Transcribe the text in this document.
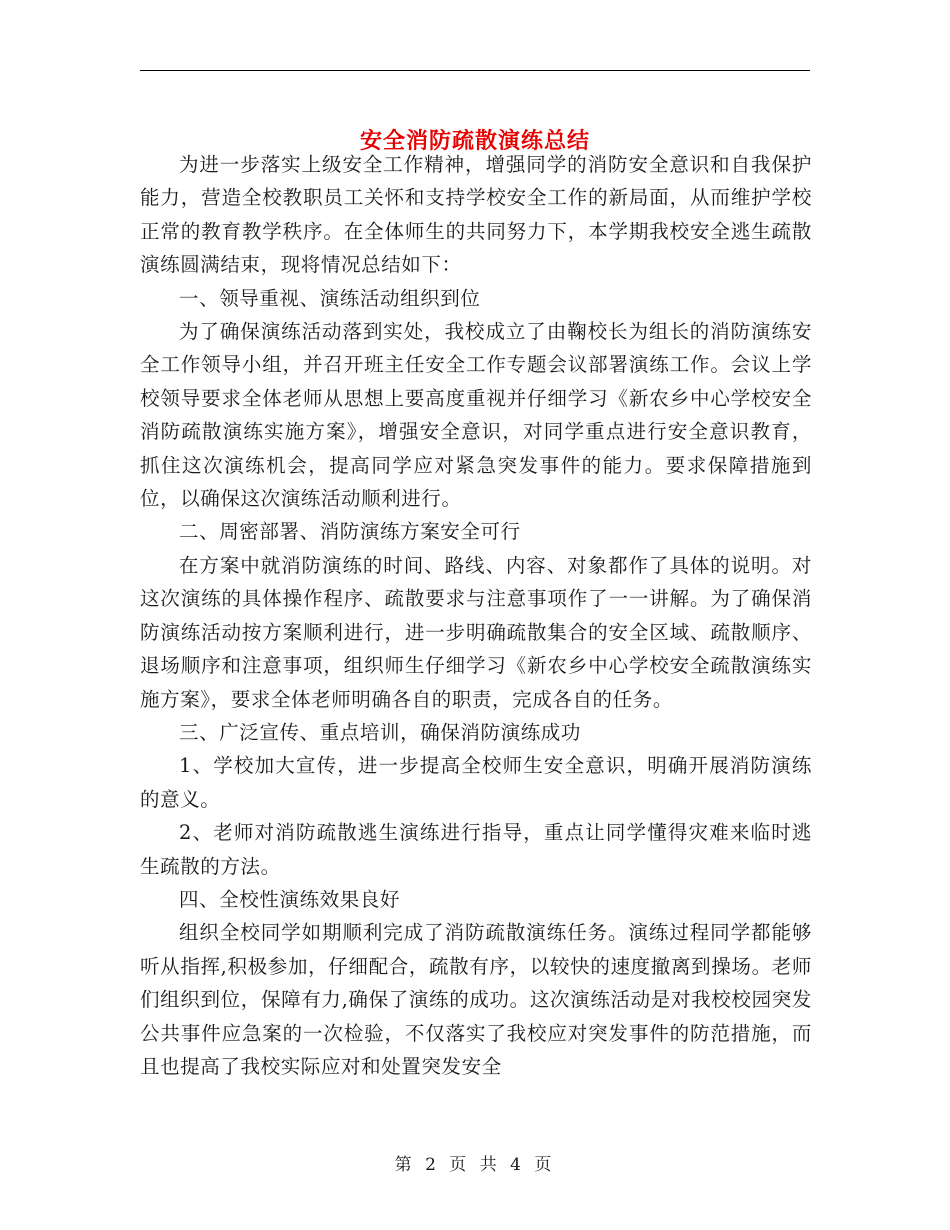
安全消防疏散演练总结

为进一步落实上级安全工作精神，增强同学的消防安全意识和自我保护能力，营造全校教职员工关怀和支持学校安全工作的新局面，从而维护学校正常的教育教学秩序。在全体师生的共同努力下，本学期我校安全逃生疏散演练圆满结束，现将情况总结如下：

一、领导重视、演练活动组织到位

为了确保演练活动落到实处，我校成立了由鞠校长为组长的消防演练安全工作领导小组，并召开班主任安全工作专题会议部署演练工作。会议上学校领导要求全体老师从思想上要高度重视并仔细学习《新农乡中心学校安全消防疏散演练实施方案》，增强安全意识，对同学重点进行安全意识教育，抓住这次演练机会，提高同学应对紧急突发事件的能力。要求保障措施到位，以确保这次演练活动顺利进行。

二、周密部署、消防演练方案安全可行

在方案中就消防演练的时间、路线、内容、对象都作了具体的说明。对这次演练的具体操作程序、疏散要求与注意事项作了一一讲解。为了确保消防演练活动按方案顺利进行，进一步明确疏散集合的安全区域、疏散顺序、退场顺序和注意事项，组织师生仔细学习《新农乡中心学校安全疏散演练实施方案》，要求全体老师明确各自的职责，完成各自的任务。

三、广泛宣传、重点培训，确保消防演练成功

1、学校加大宣传，进一步提高全校师生安全意识，明确开展消防演练的意义。

2、老师对消防疏散逃生演练进行指导，重点让同学懂得灾难来临时逃生疏散的方法。

四、全校性演练效果良好

组织全校同学如期顺利完成了消防疏散演练任务。演练过程同学都能够听从指挥,积极参加，仔细配合，疏散有序，以较快的速度撤离到操场。老师们组织到位，保障有力,确保了演练的成功。这次演练活动是对我校校园突发公共事件应急案的一次检验，不仅落实了我校应对突发事件的防范措施，而且也提高了我校实际应对和处置突发安全

第 2 页 共 4 页
